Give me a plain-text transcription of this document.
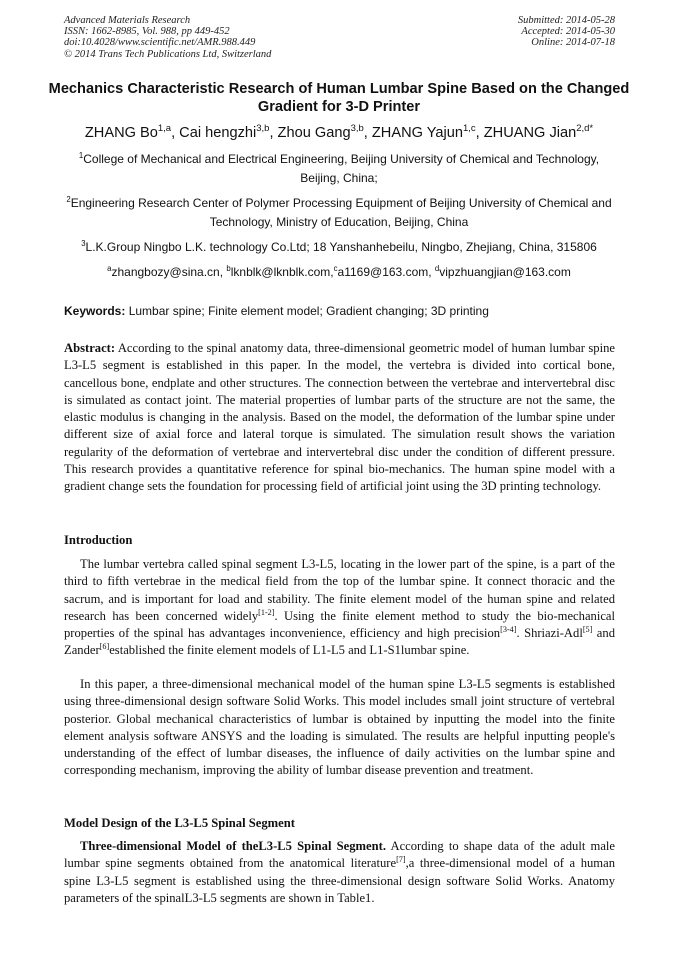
Advanced Materials Research
ISSN: 1662-8985, Vol. 988, pp 449-452
doi:10.4028/www.scientific.net/AMR.988.449
© 2014 Trans Tech Publications Ltd, Switzerland
Submitted: 2014-05-28
Accepted: 2014-05-30
Online: 2014-07-18
Mechanics Characteristic Research of Human Lumbar Spine Based on the Changed Gradient for 3-D Printer
ZHANG Bo$^{1,a}$, Cai hengzhi$^{3,b}$, Zhou Gang$^{3,b}$, ZHANG Yajun$^{1,c}$, ZHUANG Jian$^{2,d*}$
$^1$College of Mechanical and Electrical Engineering, Beijing University of Chemical and Technology, Beijing, China;
$^2$Engineering Research Center of Polymer Processing Equipment of Beijing University of Chemical and Technology, Ministry of Education, Beijing, China
$^3$L.K.Group Ningbo L.K. technology Co.Ltd; 18 Yanshanhebeilu, Ningbo, Zhejiang, China, 315806
$^a$zhangbozy@sina.cn, $^b$lknblk@lknblk.com,$^c$a1169@163.com, $^d$vipzhuangjian@163.com
Keywords: Lumbar spine; Finite element model; Gradient changing; 3D printing
Abstract: According to the spinal anatomy data, three-dimensional geometric model of human lumbar spine L3-L5 segment is established in this paper. In the model, the vertebra is divided into cortical bone, cancellous bone, endplate and other structures. The connection between the vertebrae and intervertebral disc is simulated as contact joint. The material properties of lumbar parts of the structure are not the same, the elastic modulus is changing in the analysis. Based on the model, the deformation of the lumbar spine under different size of axial force and lateral torque is simulated. The simulation result shows the variation regularity of the deformation of vertebrae and intervertebral disc under the condition of different pressure. This research provides a quantitative reference for spinal bio-mechanics. The human spine model with a gradient change sets the foundation for processing field of artificial joint using the 3D printing technology.
Introduction
The lumbar vertebra called spinal segment L3-L5, locating in the lower part of the spine, is a part of the third to fifth vertebrae in the medical field from the top of the lumbar spine. It connect thoracic and the sacrum, and is important for load and stability. The finite element model of the human spine and related research has been concerned widely[1-2]. Using the finite element method to study the bio-mechanical properties of the spinal has advantages inconvenience, efficiency and high precision[3-4]. Shriazi-Adl[5] and Zander[6]established the finite element models of L1-L5 and L1-S1lumbar spine.
In this paper, a three-dimensional mechanical model of the human spine L3-L5 segments is established using three-dimensional design software Solid Works. This model includes small joint structure of vertebral posterior. Global mechanical characteristics of lumbar is obtained by inputting the model into the finite element analysis software ANSYS and the loading is simulated. The results are helpful inputting people's understanding of the effect of lumbar diseases, the influence of daily activities on the lumbar spine and corresponding mechanism, improving the ability of lumbar disease prevention and treatment.
Model Design of the L3-L5 Spinal Segment
Three-dimensional Model of theL3-L5 Spinal Segment. According to shape data of the adult male lumbar spine segments obtained from the anatomical literature[7],a three-dimensional model of a human spine L3-L5 segment is established using the three-dimensional design software Solid Works. Anatomy parameters of the spinalL3-L5 segments are shown in Table1.
